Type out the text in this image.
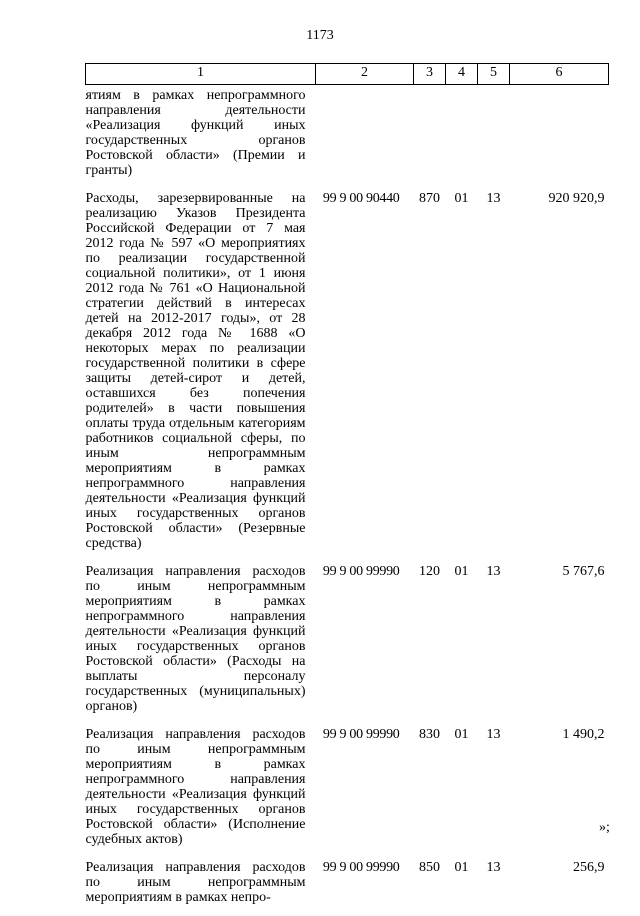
1173
1	2	3	4	5	6
ятиям в рамках непрограммного направления деятельности «Реализация функций иных государственных органов Ростовской области» (Премии и гранты)					
Расходы, зарезервированные на реализацию Указов Президента Российской Федерации от 7 мая 2012 года № 597 «О мероприятиях по реализации государственной социальной политики», от 1 июня 2012 года № 761 «О Национальной стратегии действий в интересах детей на 2012-2017 годы», от 28 декабря 2012 года № 1688 «О некоторых мерах по реализации государственной политики в сфере защиты детей-сирот и детей, оставшихся без попечения родителей» в части повышения оплаты труда отдельным категориям работников социальной сферы, по иным непрограммным мероприятиям в рамках непрограммного направления деятельности «Реализация функций иных государственных органов Ростовской области» (Резервные средства)	99 9 00 90440	870	01	13	920 920,9
Реализация направления расходов по иным непрограммным мероприятиям в рамках непрограммного направления деятельности «Реализация функций иных государственных органов Ростовской области» (Расходы на выплаты персоналу государственных (муниципальных) органов)	99 9 00 99990	120	01	13	5 767,6
Реализация направления расходов по иным непрограммным мероприятиям в рамках непрограммного направления деятельности «Реализация функций иных государственных органов Ростовской области» (Исполнение судебных актов)	99 9 00 99990	830	01	13	1 490,2
Реализация направления расходов по иным непрограммным мероприятиям в рамках непро-	99 9 00 99990	850	01	13	256,9
»;
